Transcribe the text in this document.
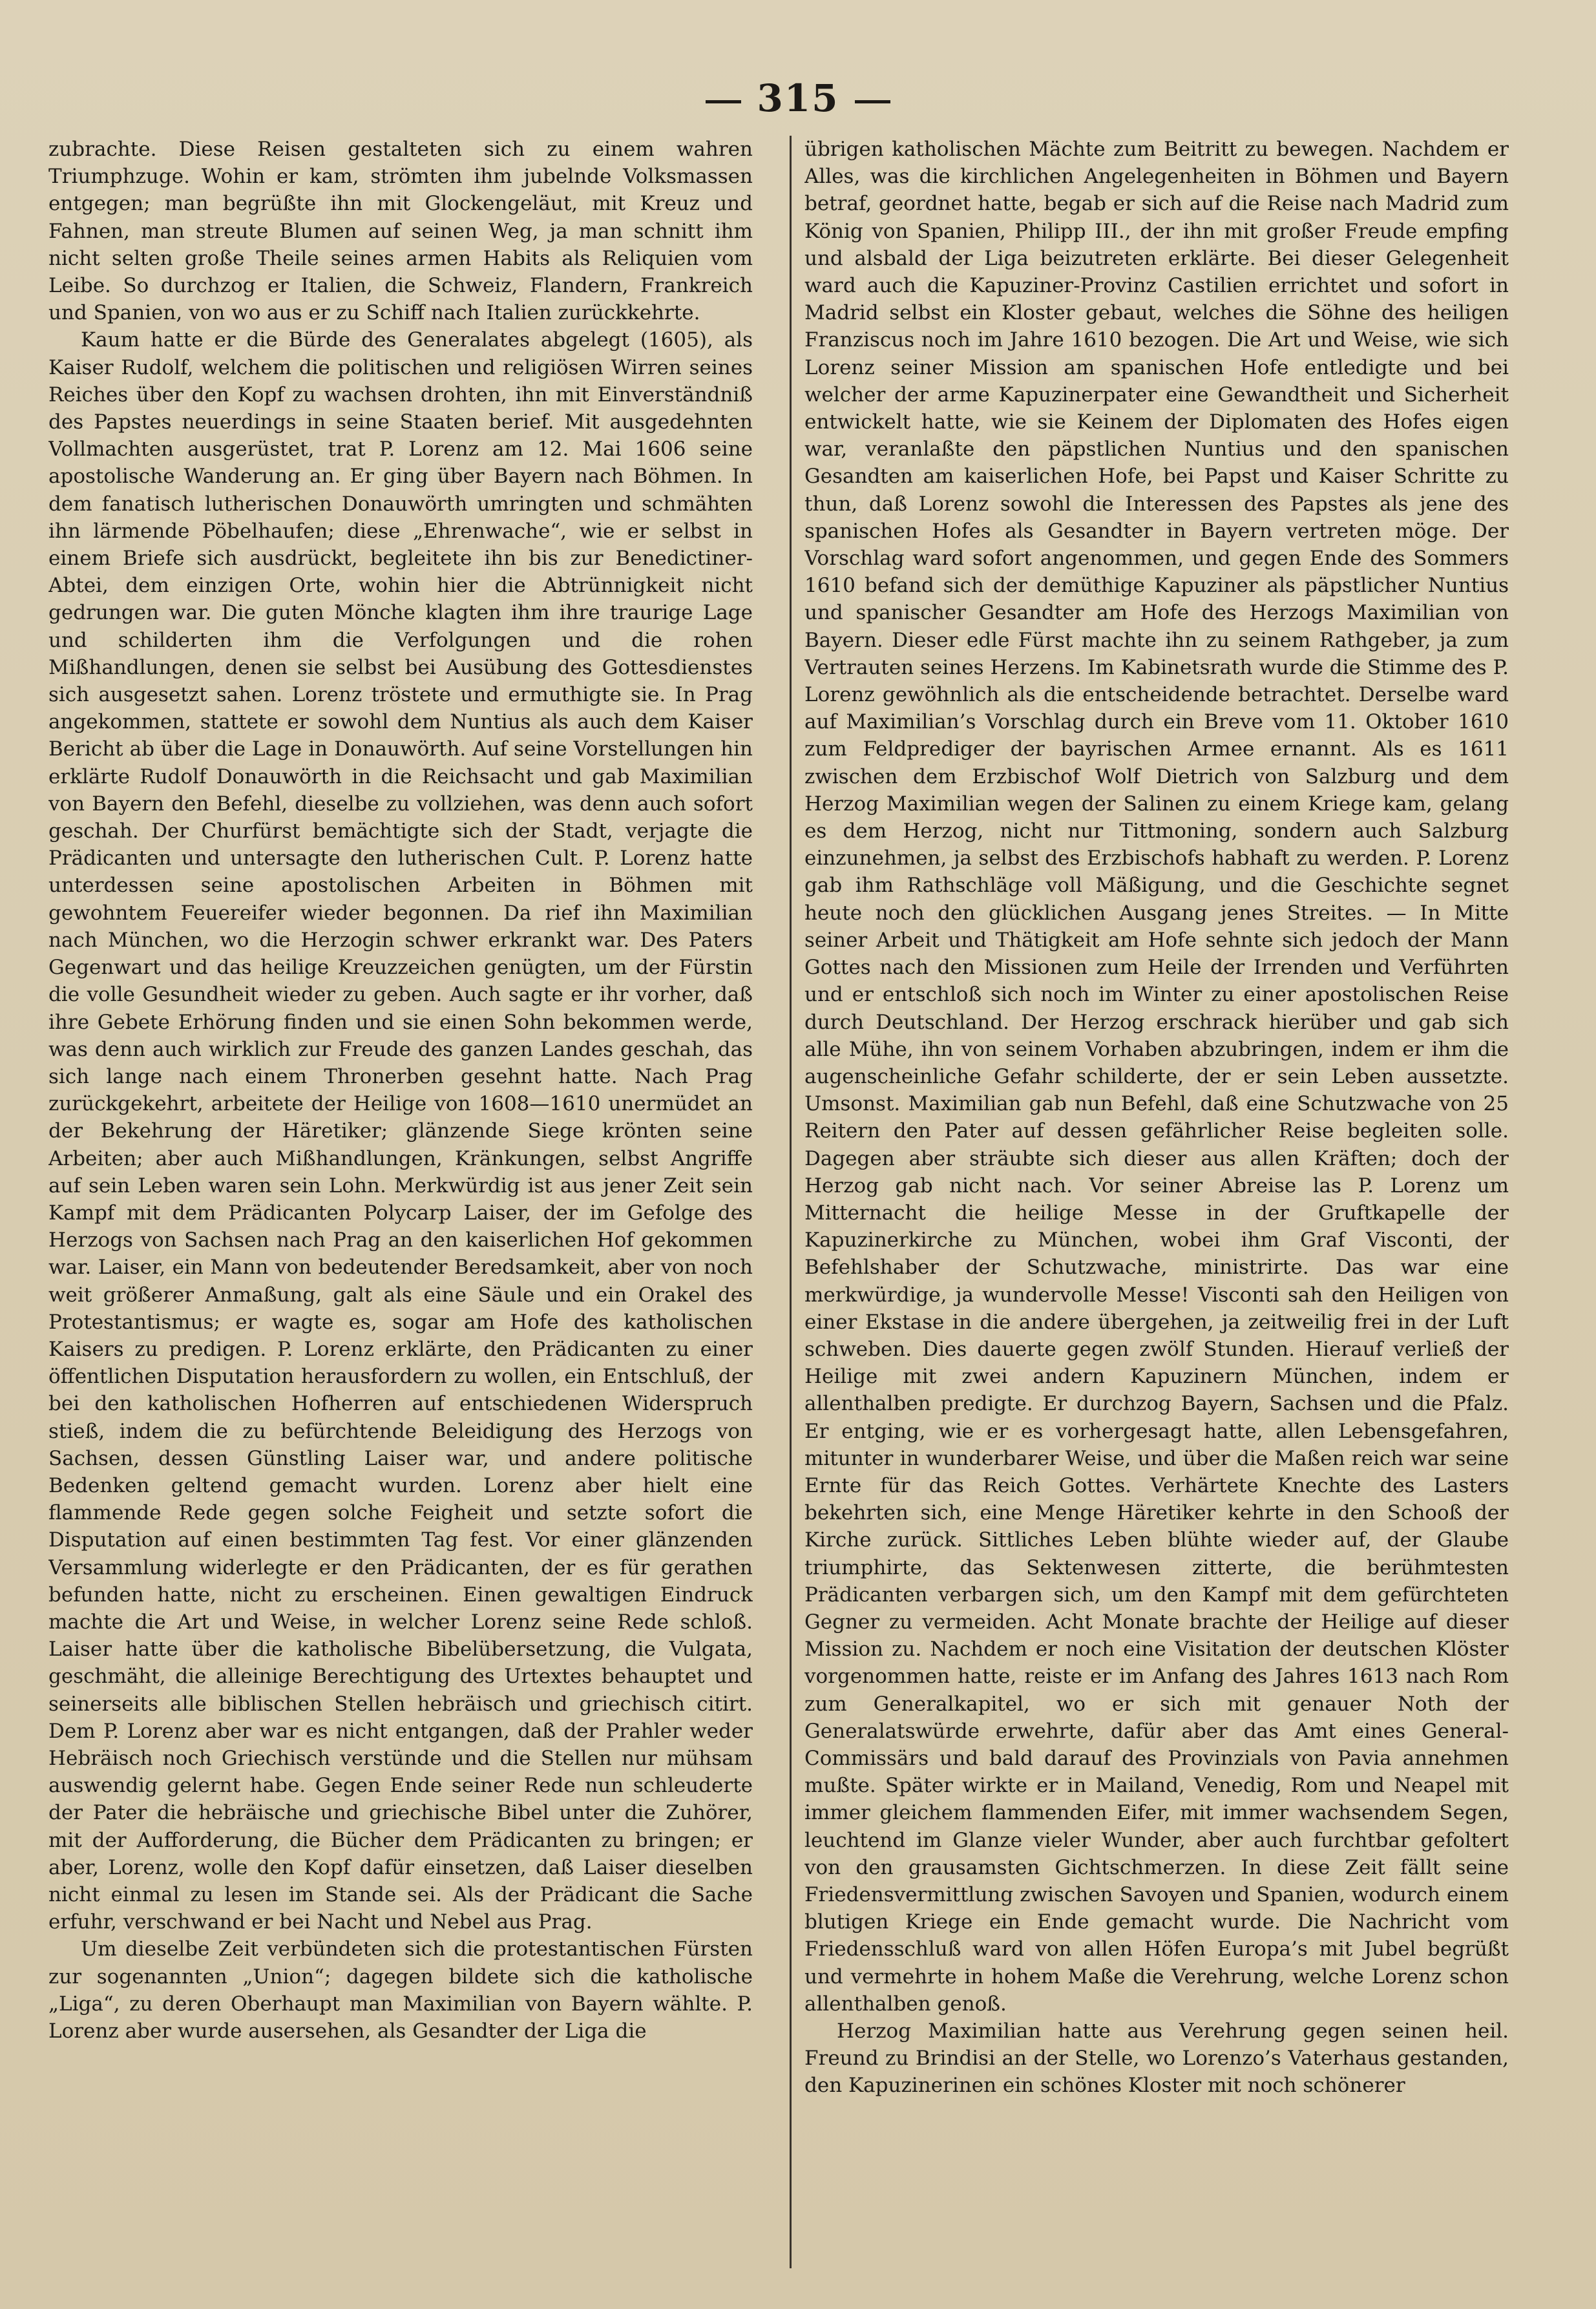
315

zubrachte. Diese Reisen gestalteten sich zu einem wahren Triumphzuge. Wohin er kam, strömten ihm jubelnde Volksmassen entgegen; man begrüßte ihn mit Glockengeläut, mit Kreuz und Fahnen, man streute Blumen auf seinen Weg, ja man schnitt ihm nicht selten große Theile seines armen Habits als Reliquien vom Leibe. So durchzog er Italien, die Schweiz, Flandern, Frankreich und Spanien, von wo aus er zu Schiff nach Italien zurückkehrte.

Kaum hatte er die Bürde des Generalates abgelegt (1605), als Kaiser Rudolf, welchem die politischen und religiösen Wirren seines Reiches über den Kopf zu wachsen drohten, ihn mit Einverständniß des Papstes neuerdings in seine Staaten berief. Mit ausgedehnten Vollmachten ausgerüstet, trat P. Lorenz am 12. Mai 1606 seine apostolische Wanderung an. Er ging über Bayern nach Böhmen. In dem fanatisch lutherischen Donauwörth umringten und schmähten ihn lärmende Pöbelhaufen; diese „Ehrenwache“, wie er selbst in einem Briefe sich ausdrückt, begleitete ihn bis zur Benedictiner-Abtei, dem einzigen Orte, wohin hier die Abtrünnigkeit nicht gedrungen war. Die guten Mönche klagten ihm ihre traurige Lage und schilderten ihm die Verfolgungen und die rohen Mißhandlungen, denen sie selbst bei Ausübung des Gottesdienstes sich ausgesetzt sahen. Lorenz tröstete und ermuthigte sie. In Prag angekommen, stattete er sowohl dem Nuntius als auch dem Kaiser Bericht ab über die Lage in Donauwörth. Auf seine Vorstellungen hin erklärte Rudolf Donauwörth in die Reichsacht und gab Maximilian von Bayern den Befehl, dieselbe zu vollziehen, was denn auch sofort geschah. Der Churfürst bemächtigte sich der Stadt, verjagte die Prädicanten und untersagte den lutherischen Cult. P. Lorenz hatte unterdessen seine apostolischen Arbeiten in Böhmen mit gewohntem Feuereifer wieder begonnen. Da rief ihn Maximilian nach München, wo die Herzogin schwer erkrankt war. Des Paters Gegenwart und das heilige Kreuzzeichen genügten, um der Fürstin die volle Gesundheit wieder zu geben. Auch sagte er ihr vorher, daß ihre Gebete Erhörung finden und sie einen Sohn bekommen werde, was denn auch wirklich zur Freude des ganzen Landes geschah, das sich lange nach einem Thronerben gesehnt hatte. Nach Prag zurückgekehrt, arbeitete der Heilige von 1608—1610 unermüdet an der Bekehrung der Häretiker; glänzende Siege krönten seine Arbeiten; aber auch Mißhandlungen, Kränkungen, selbst Angriffe auf sein Leben waren sein Lohn. Merkwürdig ist aus jener Zeit sein Kampf mit dem Prädicanten Polycarp Laiser, der im Gefolge des Herzogs von Sachsen nach Prag an den kaiserlichen Hof gekommen war. Laiser, ein Mann von bedeutender Beredsamkeit, aber von noch weit größerer Anmaßung, galt als eine Säule und ein Orakel des Protestantismus; er wagte es, sogar am Hofe des katholischen Kaisers zu predigen. P. Lorenz erklärte, den Prädicanten zu einer öffentlichen Disputation herausfordern zu wollen, ein Entschluß, der bei den katholischen Hofherren auf entschiedenen Widerspruch stieß, indem die zu befürchtende Beleidigung des Herzogs von Sachsen, dessen Günstling Laiser war, und andere politische Bedenken geltend gemacht wurden. Lorenz aber hielt eine flammende Rede gegen solche Feigheit und setzte sofort die Disputation auf einen bestimmten Tag fest. Vor einer glänzenden Versammlung widerlegte er den Prädicanten, der es für gerathen befunden hatte, nicht zu erscheinen. Einen gewaltigen Eindruck machte die Art und Weise, in welcher Lorenz seine Rede schloß. Laiser hatte über die katholische Bibelübersetzung, die Vulgata, geschmäht, die alleinige Berechtigung des Urtextes behauptet und seinerseits alle biblischen Stellen hebräisch und griechisch citirt. Dem P. Lorenz aber war es nicht entgangen, daß der Prahler weder Hebräisch noch Griechisch verstünde und die Stellen nur mühsam auswendig gelernt habe. Gegen Ende seiner Rede nun schleuderte der Pater die hebräische und griechische Bibel unter die Zuhörer, mit der Aufforderung, die Bücher dem Prädicanten zu bringen; er aber, Lorenz, wolle den Kopf dafür einsetzen, daß Laiser dieselben nicht einmal zu lesen im Stande sei. Als der Prädicant die Sache erfuhr, verschwand er bei Nacht und Nebel aus Prag.

Um dieselbe Zeit verbündeten sich die protestantischen Fürsten zur sogenannten „Union“; dagegen bildete sich die katholische „Liga“, zu deren Oberhaupt man Maximilian von Bayern wählte. P. Lorenz aber wurde ausersehen, als Gesandter der Liga die

übrigen katholischen Mächte zum Beitritt zu bewegen. Nachdem er Alles, was die kirchlichen Angelegenheiten in Böhmen und Bayern betraf, geordnet hatte, begab er sich auf die Reise nach Madrid zum König von Spanien, Philipp III., der ihn mit großer Freude empfing und alsbald der Liga beizutreten erklärte. Bei dieser Gelegenheit ward auch die Kapuziner-Provinz Castilien errichtet und sofort in Madrid selbst ein Kloster gebaut, welches die Söhne des heiligen Franziscus noch im Jahre 1610 bezogen. Die Art und Weise, wie sich Lorenz seiner Mission am spanischen Hofe entledigte und bei welcher der arme Kapuzinerpater eine Gewandtheit und Sicherheit entwickelt hatte, wie sie Keinem der Diplomaten des Hofes eigen war, veranlaßte den päpstlichen Nuntius und den spanischen Gesandten am kaiserlichen Hofe, bei Papst und Kaiser Schritte zu thun, daß Lorenz sowohl die Interessen des Papstes als jene des spanischen Hofes als Gesandter in Bayern vertreten möge. Der Vorschlag ward sofort angenommen, und gegen Ende des Sommers 1610 befand sich der demüthige Kapuziner als päpstlicher Nuntius und spanischer Gesandter am Hofe des Herzogs Maximilian von Bayern. Dieser edle Fürst machte ihn zu seinem Rathgeber, ja zum Vertrauten seines Herzens. Im Kabinetsrath wurde die Stimme des P. Lorenz gewöhnlich als die entscheidende betrachtet. Derselbe ward auf Maximilian’s Vorschlag durch ein Breve vom 11. Oktober 1610 zum Feldprediger der bayrischen Armee ernannt. Als es 1611 zwischen dem Erzbischof Wolf Dietrich von Salzburg und dem Herzog Maximilian wegen der Salinen zu einem Kriege kam, gelang es dem Herzog, nicht nur Tittmoning, sondern auch Salzburg einzunehmen, ja selbst des Erzbischofs habhaft zu werden. P. Lorenz gab ihm Rathschläge voll Mäßigung, und die Geschichte segnet heute noch den glücklichen Ausgang jenes Streites. — In Mitte seiner Arbeit und Thätigkeit am Hofe sehnte sich jedoch der Mann Gottes nach den Missionen zum Heile der Irrenden und Verführten und er entschloß sich noch im Winter zu einer apostolischen Reise durch Deutschland. Der Herzog erschrack hierüber und gab sich alle Mühe, ihn von seinem Vorhaben abzubringen, indem er ihm die augenscheinliche Gefahr schilderte, der er sein Leben aussetzte. Umsonst. Maximilian gab nun Befehl, daß eine Schutzwache von 25 Reitern den Pater auf dessen gefährlicher Reise begleiten solle. Dagegen aber sträubte sich dieser aus allen Kräften; doch der Herzog gab nicht nach. Vor seiner Abreise las P. Lorenz um Mitternacht die heilige Messe in der Gruftkapelle der Kapuzinerkirche zu München, wobei ihm Graf Visconti, der Befehlshaber der Schutzwache, ministrirte. Das war eine merkwürdige, ja wundervolle Messe! Visconti sah den Heiligen von einer Ekstase in die andere übergehen, ja zeitweilig frei in der Luft schweben. Dies dauerte gegen zwölf Stunden. Hierauf verließ der Heilige mit zwei andern Kapuzinern München, indem er allenthalben predigte. Er durchzog Bayern, Sachsen und die Pfalz. Er entging, wie er es vorhergesagt hatte, allen Lebensgefahren, mitunter in wunderbarer Weise, und über die Maßen reich war seine Ernte für das Reich Gottes. Verhärtete Knechte des Lasters bekehrten sich, eine Menge Häretiker kehrte in den Schooß der Kirche zurück. Sittliches Leben blühte wieder auf, der Glaube triumphirte, das Sektenwesen zitterte, die berühmtesten Prädicanten verbargen sich, um den Kampf mit dem gefürchteten Gegner zu vermeiden. Acht Monate brachte der Heilige auf dieser Mission zu. Nachdem er noch eine Visitation der deutschen Klöster vorgenommen hatte, reiste er im Anfang des Jahres 1613 nach Rom zum Generalkapitel, wo er sich mit genauer Noth der Generalatswürde erwehrte, dafür aber das Amt eines General-Commissärs und bald darauf des Provinzials von Pavia annehmen mußte. Später wirkte er in Mailand, Venedig, Rom und Neapel mit immer gleichem flammenden Eifer, mit immer wachsendem Segen, leuchtend im Glanze vieler Wunder, aber auch furchtbar gefoltert von den grausamsten Gichtschmerzen. In diese Zeit fällt seine Friedensvermittlung zwischen Savoyen und Spanien, wodurch einem blutigen Kriege ein Ende gemacht wurde. Die Nachricht vom Friedensschluß ward von allen Höfen Europa’s mit Jubel begrüßt und vermehrte in hohem Maße die Verehrung, welche Lorenz schon allenthalben genoß.

Herzog Maximilian hatte aus Verehrung gegen seinen heil. Freund zu Brindisi an der Stelle, wo Lorenzo’s Vaterhaus gestanden, den Kapuzinerinen ein schönes Kloster mit noch schönerer
